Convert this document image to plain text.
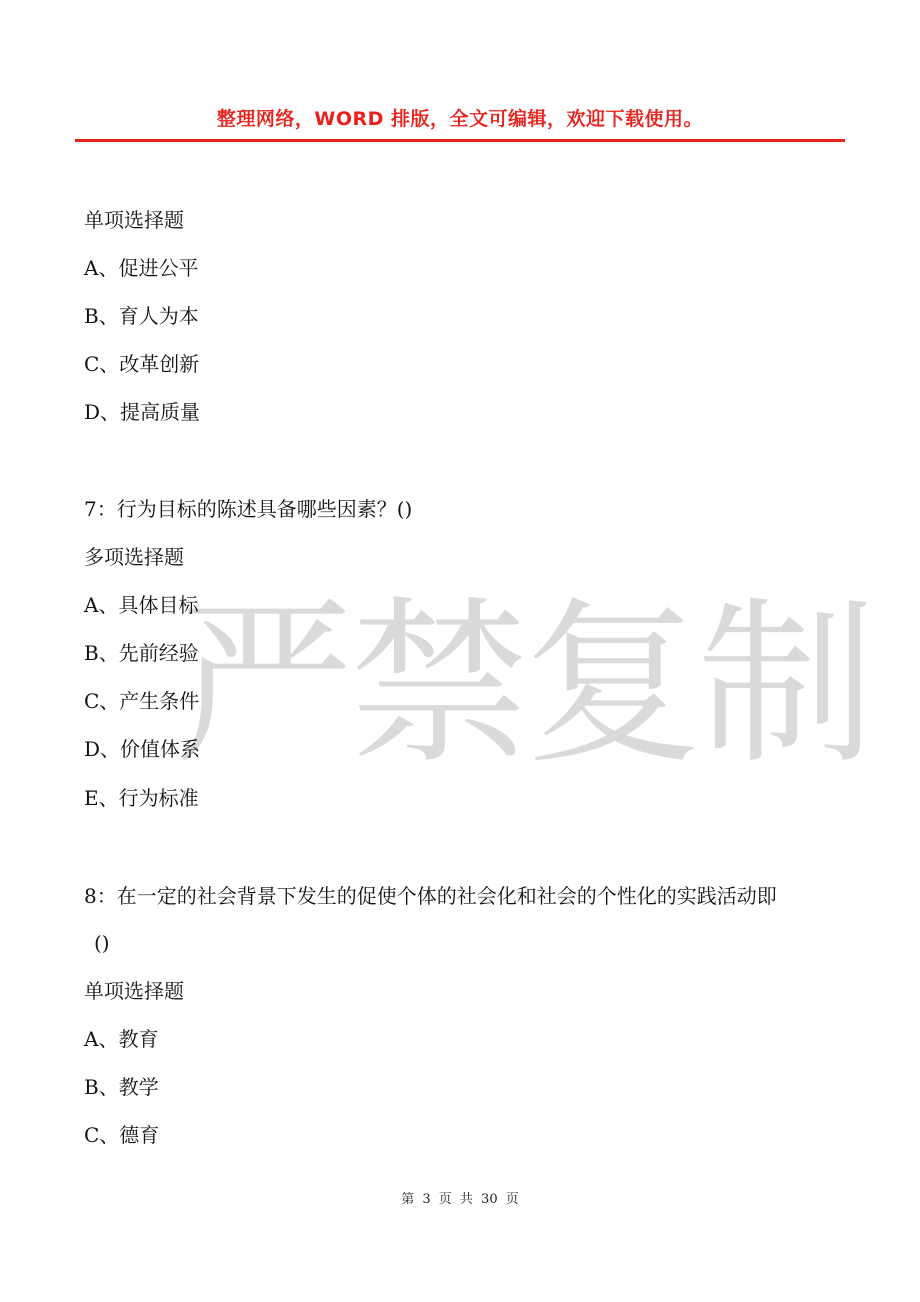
整理网络，WORD 排版，全文可编辑，欢迎下载使用。
严禁复制
单项选择题
A、促进公平
B、育人为本
C、改革创新
D、提高质量
7：行为目标的陈述具备哪些因素？()
多项选择题
A、具体目标
B、先前经验
C、产生条件
D、价值体系
E、行为标准
8：在一定的社会背景下发生的促使个体的社会化和社会的个性化的实践活动即
()
单项选择题
A、教育
B、教学
C、德育
第 3 页 共 30 页
